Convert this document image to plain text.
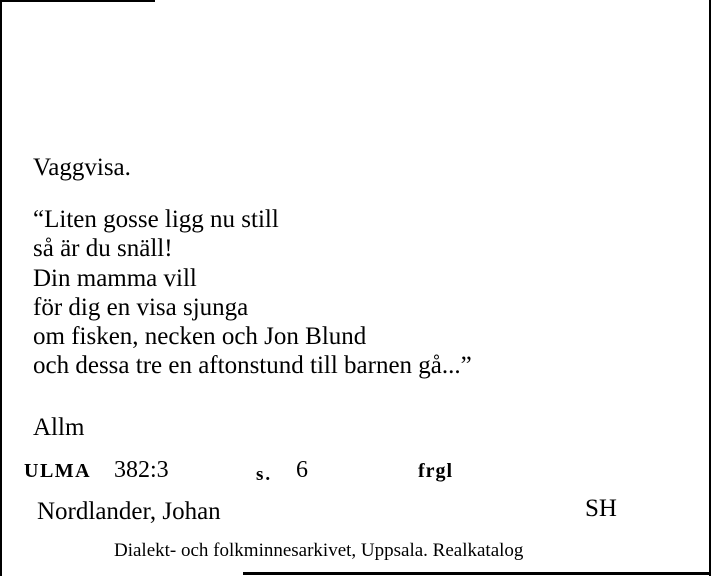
Vaggvisa.
“Liten gosse ligg nu still
så är du snäll!
Din mamma vill
för dig en visa sjunga
om fisken, necken och Jon Blund
och dessa tre en aftonstund till barnen gå...”
Allm
ULMA 382:3	s. 6	frgl
Nordlander, Johan	SH
Dialekt- och folkminnesarkivet, Uppsala. Realkatalog
